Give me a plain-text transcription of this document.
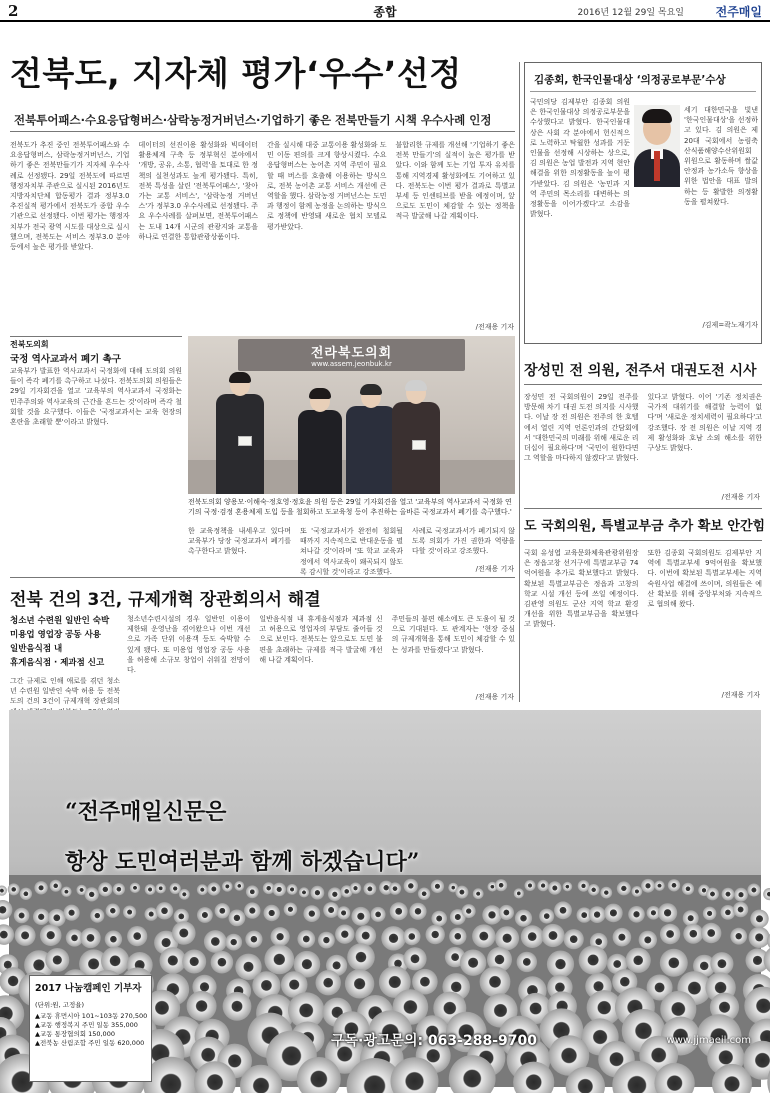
2	종합	2016년 12월 29일 목요일	전주매일
전북도, 지자체 평가‘우수’선정
전북투어패스·수요응답형버스·삼락농정거버넌스·기업하기 좋은 전북만들기 시책 우수사례 인정
전북도가 추진 중인 전북투어패스와 수요응답형버스, 삼락농정거버넌스, 기업하기 좋은 전북만들기가 지자체 우수사례로 선정됐다. 29일 전북도에 따르면 행정자치부 주관으로 실시된 2016년도 지방자치단체 합동평가 결과 정부3.0 추진실적 평가에서 전북도가 종합 우수기관으로 선정됐다. 이번 평가는 행정자치부가 전국 광역 시도를 대상으로 실시했으며, 전북도는 서비스 정부3.0 분야 등에서 높은 평가를 받았다.
데이터의 선진이용 활성화와 빅데이터 활용체계 구축 등 정부혁신 분야에서 '개방, 공유, 소통, 협력'을 토대로 한 정책의 실천성과도 높게 평가됐다. 특히, 전북 특성을 살린 '전북투어패스', '찾아가는 교통 서비스', '삼락농정 거버넌스'가 정부3.0 우수사례로 선정됐다. 주요 우수사례를 살펴보면, 전북투어패스는 도내 14개 시군의 관광지와 교통을 하나로 연결한 통합관광상품이다.
간을 실시해 대중 교통이용 활성화와 도민 이동 편의를 크게 향상시켰다. 수요응답형버스는 농어촌 지역 주민이 필요할 때 버스를 호출해 이용하는 방식으로, 전북 농어촌 교통 서비스 개선에 큰 역할을 했다. 삼락농정 거버넌스는 도민과 행정이 함께 농정을 논의하는 방식으로 정책에 반영돼 새로운 협치 모델로 평가받았다.
불합리한 규제를 개선해 '기업하기 좋은 전북 만들기'의 실적이 높은 평가를 받았다. 이와 함께 도는 기업 투자 유치를 통해 지역경제 활성화에도 기여하고 있다. 전북도는 이번 평가 결과로 특별교부세 등 인센티브를 받을 예정이며, 앞으로도 도민이 체감할 수 있는 정책을 적극 발굴해 나갈 계획이다.
/전재용 기자
김종회, 한국인물대상 ‘의정공로부문’수상
국민의당 김제부안 김종회 의원은 한국인물대상 의정공로부문을 수상했다고 밝혔다. 한국인물대상은 사회 각 분야에서 헌신적으로 노력하고 탁월한 성과를 거둔 인물을 선정해 시상하는 상으로, 김 의원은 농업 발전과 지역 현안 해결을 위한 의정활동을 높이 평가받았다. 김 의원은 '농민과 지역 주민의 목소리를 대변하는 의정활동을 이어가겠다'고 소감을 밝혔다.
세기 대한민국을 빛낸 '한국인물대상'을 선정하고 있다. 김 의원은 제20대 국회에서 농림축산식품해양수산위원회 위원으로 활동하며 쌀값 안정과 농가소득 향상을 위한 법안을 대표 발의하는 등 활발한 의정활동을 펼쳐왔다.
/김제=곽노재기자
전북도의회
국정 역사교과서 폐기 촉구
교육부가 발표한 역사교과서 국정화에 대해 도의회 의원들이 즉각 폐기를 촉구하고 나섰다. 전북도의회 의원들은 29일 기자회견을 열고 '교육부의 역사교과서 국정화는 민주주의와 역사교육의 근간을 흔드는 것'이라며 즉각 철회할 것을 요구했다. 이들은 '국정교과서는 교육 현장의 혼란을 초래할 뿐'이라고 밝혔다.
전라북도의회
www.assem.jeonbuk.kr
전북도의회 양용모·이해숙·정호영·정호윤 의원 등은 29일 기자회견을 열고 '교육부의 역사교과서 국정화 연기의 국정·검정 혼용체제 도입 등을 철회하고 도교육청 등이 추진하는 올바른 국정교과서 폐기를 촉구했다.'
한 교육정책을 내세우고 있다며 교육부가 당장 국정교과서 폐기를 촉구한다고 밝혔다.
또 '국정교과서가 완전히 철회될 때까지 지속적으로 반대운동을 펼쳐나갈 것'이라며 '또 학교 교육과정에서 역사교육이 왜곡되지 않도록 감시할 것'이라고 강조했다.
사례로 국정교과서가 폐기되지 않도록 의회가 가진 권한과 역량을 다할 것'이라고 강조했다.
/전재용 기자
장성민 전 의원, 전주서 대권도전 시사
장성민 전 국회의원이 29일 전주를 방문해 차기 대권 도전 의지를 시사했다. 이날 장 전 의원은 전주의 한 호텔에서 열린 지역 언론인과의 간담회에서 '대한민국의 미래를 위해 새로운 리더십이 필요하다'며 '국민이 원한다면 그 역할을 마다하지 않겠다'고 밝혔다.
있다고 밝혔다. 이어 '기존 정치권은 국가적 대위기를 해결할 능력이 없다'며 '새로운 정치세력이 필요하다'고 강조했다. 장 전 의원은 이날 지역 경제 활성화와 호남 소외 해소를 위한 구상도 밝혔다.
/전재용 기자
도 국회의원, 특별교부금 추가 확보 안간힘
국회 유성엽 교육문화체육관광위원장은 정읍고창 선거구에 특별교부금 74억여원을 추가로 확보했다고 밝혔다. 확보된 특별교부금은 정읍과 고창의 학교 시설 개선 등에 쓰일 예정이다. 김관영 의원도 군산 지역 학교 환경 개선을 위한 특별교부금을 확보했다고 밝혔다.
또한 김종회 국회의원도 김제부안 지역에 특별교부세 9억여원을 확보했다. 이번에 확보된 특별교부세는 지역 숙원사업 해결에 쓰이며, 의원들은 예산 확보를 위해 중앙부처와 지속적으로 협의해 왔다.
/전재용 기자
전북 건의 3건, 규제개혁 장관회의서 해결
청소년 수련원 일반인 숙박
미용업 영업장 공동 사용
일반음식점 내
휴게음식점 · 제과점 신고
그간 규제로 인해 애로를 겪던 청소년 수련원 일반인 숙박 허용 등 전북도의 건의 3건이 규제개혁 장관회의
청소년수련시설의 경우 일반인 이용이 제한돼 운영난을 겪어왔으나 이번 개선으로 가족 단위 이용객 등도 숙박할 수 있게 됐다. 또 미용업 영업장 공동 사용을 허용해 소규모 창업이 쉬워질 전망이다.
일반음식점 내 휴게음식점과 제과점 신고 허용으로 영업자의 부담도 줄어들 것으로 보인다. 전북도는 앞으로도 도민 불편을 초래하는 규제를 적극 발굴해 개선해 나갈 계획이다.
주민들의 불편 해소에도 큰 도움이 될 것으로 기대된다. 도 관계자는 '현장 중심의 규제개혁을 통해 도민이 체감할 수 있는 성과를 만들겠다'고 밝혔다.
/전재용 기자
“전주매일신문은
항상 도민여러분과 함께 하겠습니다”
2017 나눔캠페인 기부자
(단위:원, 고정율)
▲교동 휴먼시아 101~103동 270,500
▲교동 행정복지 주민 일동 355,000
▲교동 통장협의회 150,000
▲전북농 산림조합 주민 일동 620,000	구독·광고문의: 063-288-9700	www.jjmaeil.com
